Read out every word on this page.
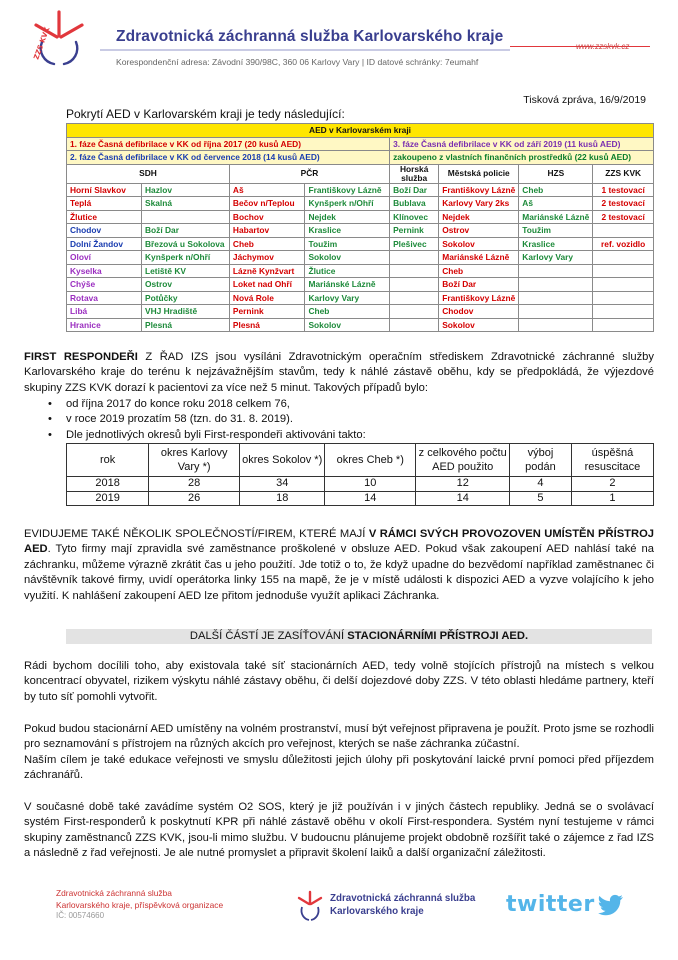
ZZS KVK	Zdravotnická záchranná služba Karlovarského kraje
www.zzskvk.cz
Korespondenční adresa: Závodní 390/98C, 360 06 Karlovy Vary | ID datové schránky: 7eumahf
Tisková zpráva, 16/9/2019
Pokrytí AED v Karlovarském kraji je tedy následující:
AED v Karlovarském kraji							
1. fáze Časná defibrilace v KK od října 2017 (20 kusů AED)				3. fáze Časná defibrilace v KK od září 2019 (11 kusů AED)			
2. fáze Časná defibrilace v KK od července 2018 (14 kusů AED)				zakoupeno z vlastních finančních prostředků (22 kusů AED)			
SDH		PČR		Horská
služba	Městská policie	HZS	ZZS KVK
Horní Slavkov	Hazlov	Aš	Františkovy Lázně	Boží Dar	Františkovy Lázně	Cheb	1 testovací
Teplá	Skalná	Bečov n/Teplou	Kynšperk n/Ohří	Bublava	Karlovy Vary 2ks	Aš	2 testovací
Žlutice		Bochov	Nejdek	Klínovec	Nejdek	Mariánské Lázně	2 testovací
Chodov	Boží Dar	Habartov	Kraslice	Pernink	Ostrov	Toužim	
Dolní Žandov	Březová u Sokolova	Cheb	Toužim	Plešivec	Sokolov	Kraslice	ref. vozidlo
Oloví	Kynšperk n/Ohří	Jáchymov	Sokolov		Mariánské Lázně	Karlovy Vary	
Kyselka	Letiště KV	Lázně Kynžvart	Žlutice		Cheb		
Chýše	Ostrov	Loket nad Ohří	Mariánské Lázně		Boží Dar		
Rotava	Potůčky	Nová Role	Karlovy Vary		Františkovy Lázně		
Libá	VHJ Hradiště	Pernink	Cheb		Chodov		
Hranice	Plesná	Plesná	Sokolov		Sokolov		
FIRST RESPONDEŘI Z ŘAD IZS jsou vysíláni Zdravotnickým operačním střediskem Zdravotnické záchranné služby Karlovarského kraje do terénu k nejzávažnějším stavům, tedy k náhlé zástavě oběhu, kdy se předpokládá, že výjezdové skupiny ZZS KVK dorazí k pacientovi za více než 5 minut. Takových případů bylo:
• od října 2017 do konce roku 2018 celkem 76,
• v roce 2019 prozatím 58 (tzn. do 31. 8. 2019).
• Dle jednotlivých okresů byli First-respondeři aktivováni takto:
rok	okres Karlovy Vary *)	okres Sokolov *)	okres Cheb *)	z celkového počtu AED použito	výboj podán	úspěšná resuscitace
2018	28	34	10	12	4	2
2019	26	18	14	14	5	1
EVIDUJEME TAKÉ NĚKOLIK SPOLEČNOSTÍ/FIREM, KTERÉ MAJÍ V RÁMCI SVÝCH PROVOZOVEN UMÍSTĚN PŘÍSTROJ AED. Tyto firmy mají zpravidla své zaměstnance proškolené v obsluze AED. Pokud však zakoupení AED nahlásí také na záchranku, můžeme výrazně zkrátit čas u jeho použití. Jde totiž o to, že když upadne do bezvědomí například zaměstnanec či návštěvník takové firmy, uvidí operátorka linky 155 na mapě, že je v místě události k dispozici AED a vyzve volajícího k jeho využití. K nahlášení zakoupení AED lze přitom jednoduše využít aplikaci Záchranka.
DALŠÍ ČÁSTÍ JE ZASÍŤOVÁNÍ STACIONÁRNÍMI PŘÍSTROJI AED.
Rádi bychom docílili toho, aby existovala také síť stacionárních AED, tedy volně stojících přístrojů na místech s velkou koncentrací obyvatel, rizikem výskytu náhlé zástavy oběhu, či delší dojezdové doby ZZS. V této oblasti hledáme partnery, kteří by tuto síť pomohli vytvořit.
Pokud budou stacionární AED umístěny na volném prostranství, musí být veřejnost připravena je použít. Proto jsme se rozhodli pro seznamování s přístrojem na různých akcích pro veřejnost, kterých se naše záchranka zúčastní.
Naším cílem je také edukace veřejnosti ve smyslu důležitosti jejich úlohy při poskytování laické první pomoci před příjezdem záchranářů.
V současné době také zavádíme systém O2 SOS, který je již používán i v jiných částech republiky. Jedná se o svolávací systém First-responderů k poskytnutí KPR při náhlé zástavě oběhu v okolí First-respondera. Systém nyní testujeme v rámci skupiny zaměstnanců ZZS KVK, jsou-li mimo službu. V budoucnu plánujeme projekt obdobně rozšířit také o zájemce z řad IZS a následně z řad veřejnosti. Je ale nutné promyslet a připravit školení laiků a další organizační záležitosti.
Zdravotnická záchranná služba
Karlovarského kraje, příspěvková organizace
IČ: 00574660
Zdravotnická záchranná služba
Karlovarského kraje	twitter
